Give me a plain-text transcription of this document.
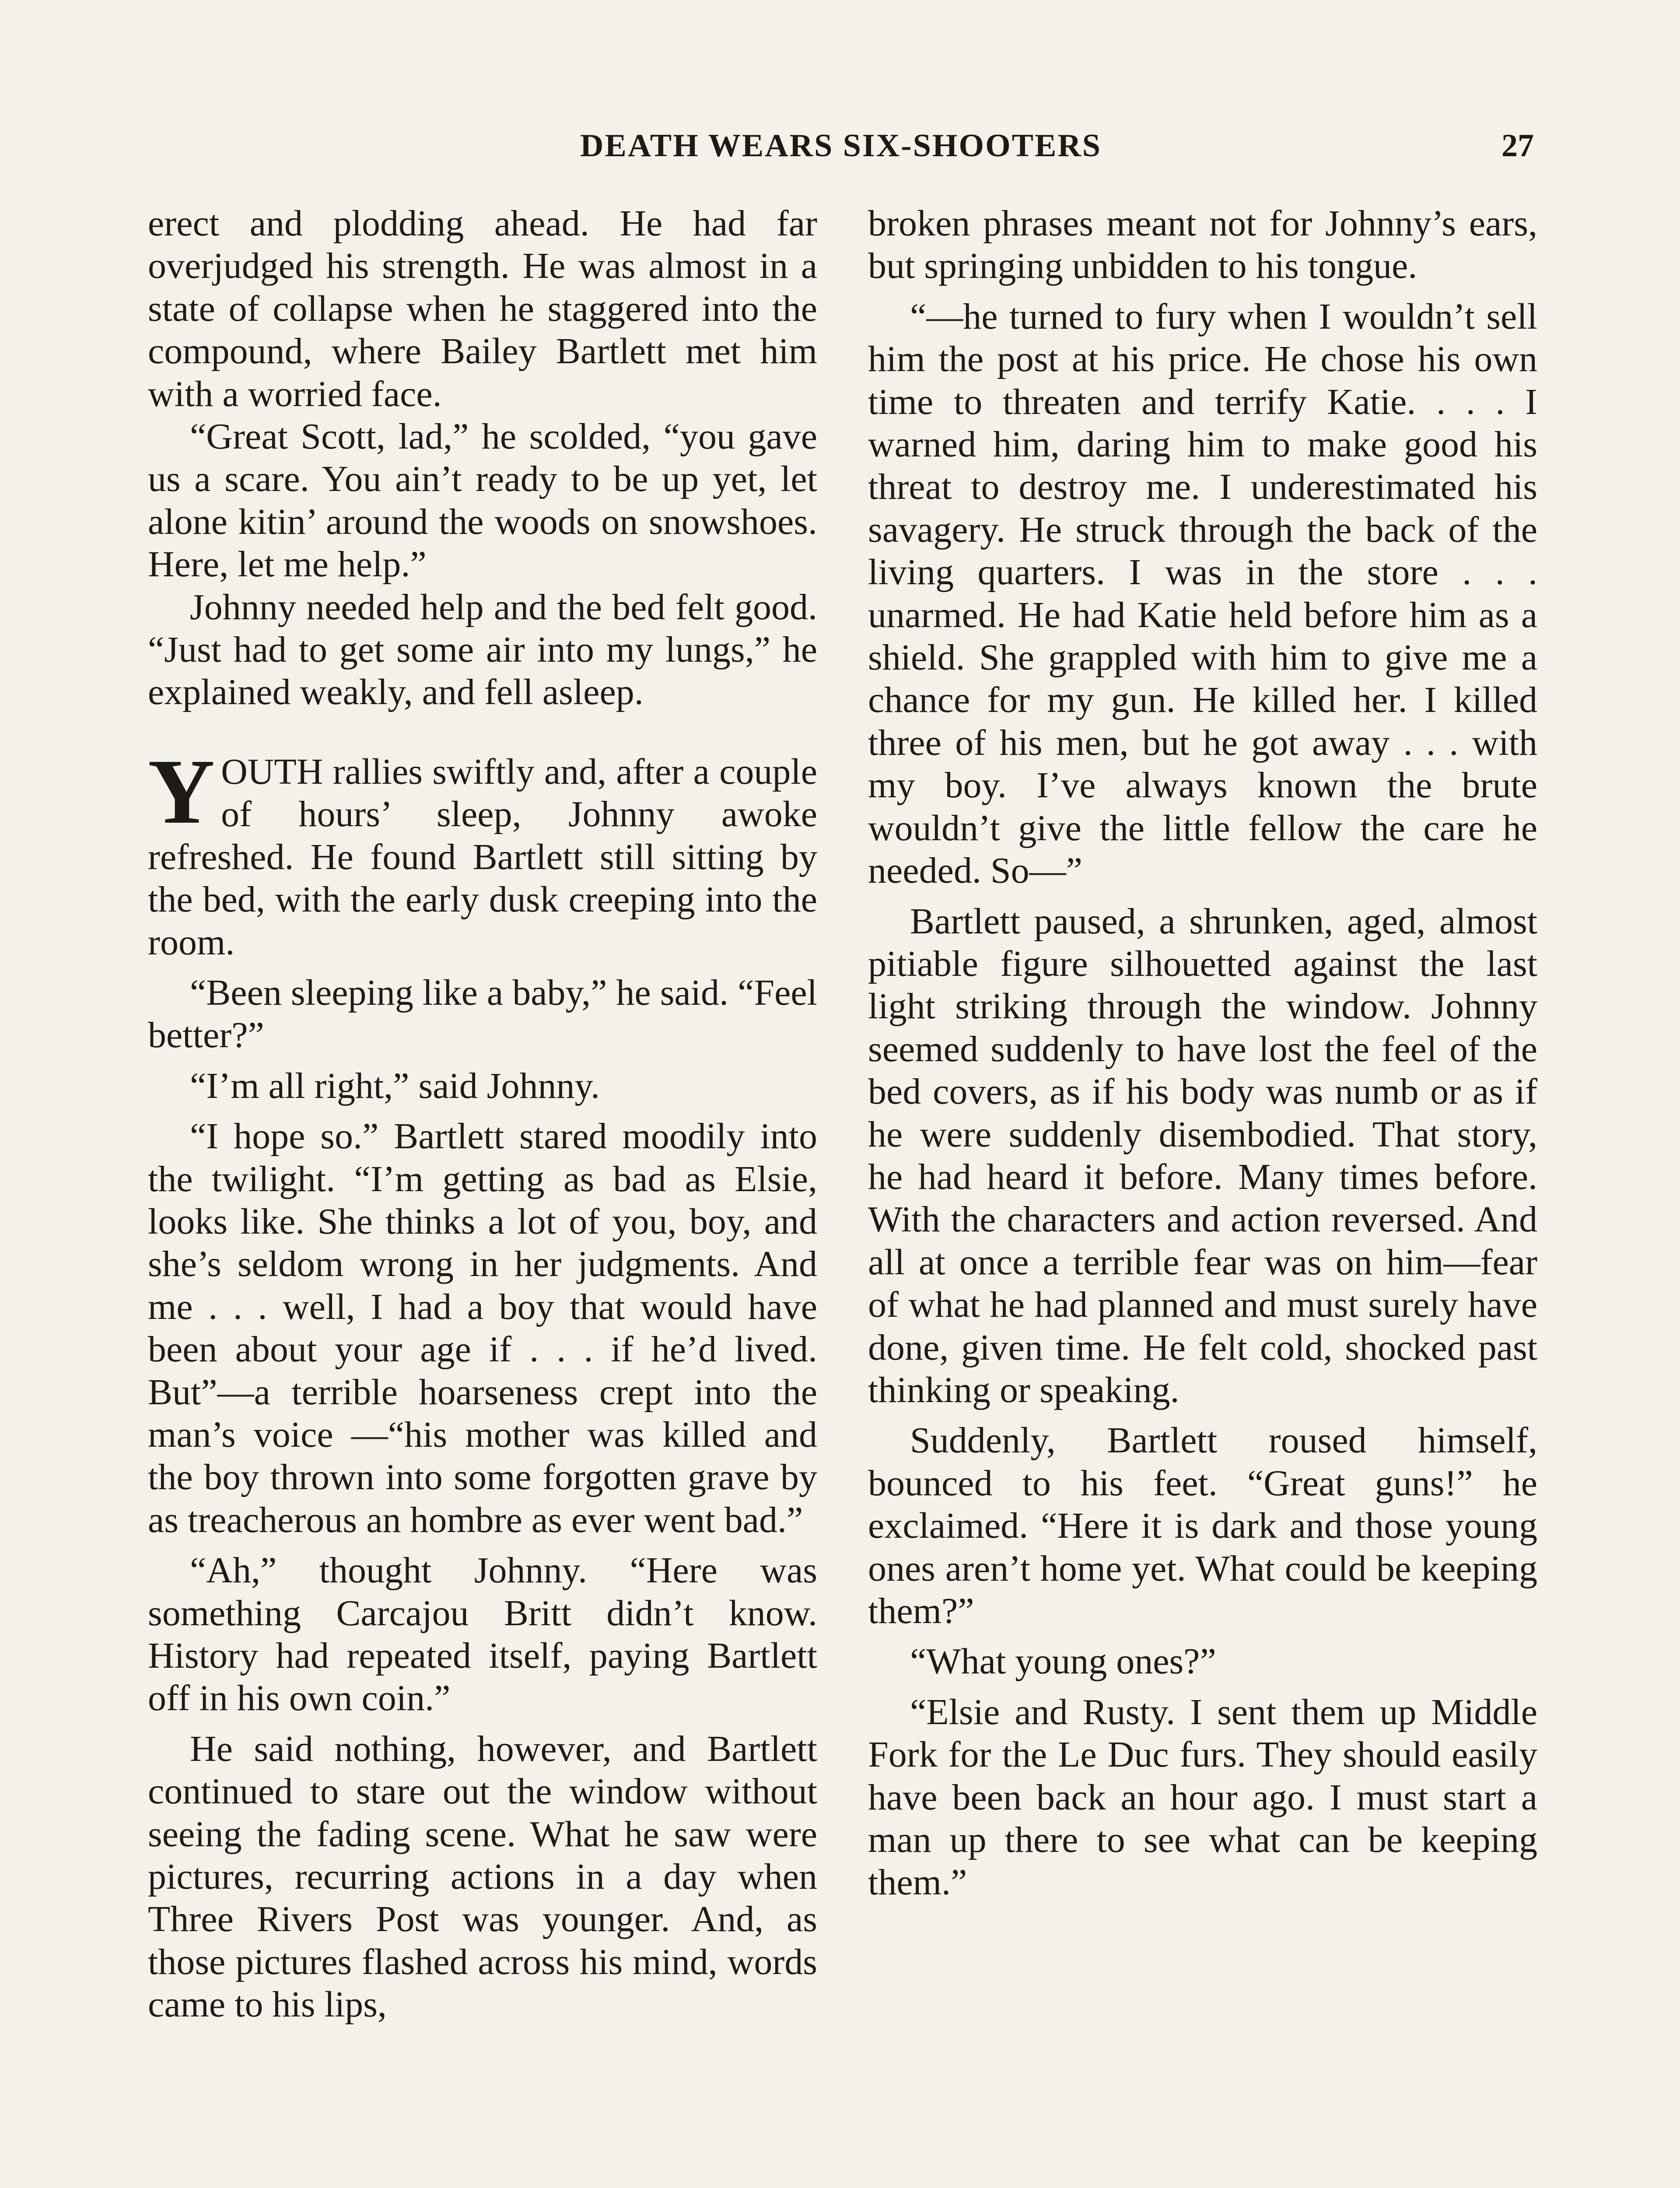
DEATH WEARS SIX-SHOOTERS	27

erect and plodding ahead. He had far overjudged his strength. He was almost in a state of collapse when he staggered into the compound, where Bailey Bartlett met him with a worried face.

“Great Scott, lad,” he scolded, “you gave us a scare. You ain’t ready to be up yet, let alone kitin’ around the woods on snowshoes. Here, let me help.”

Johnny needed help and the bed felt good. “Just had to get some air into my lungs,” he explained weakly, and fell asleep.

YOUTH rallies swiftly and, after a couple of hours’ sleep, Johnny awoke refreshed. He found Bartlett still sitting by the bed, with the early dusk creeping into the room.

“Been sleeping like a baby,” he said. “Feel better?”

“I’m all right,” said Johnny.

“I hope so.” Bartlett stared moodily into the twilight. “I’m getting as bad as Elsie, looks like. She thinks a lot of you, boy, and she’s seldom wrong in her judgments. And me . . . well, I had a boy that would have been about your age if . . . if he’d lived. But”—a terrible hoarseness crept into the man’s voice —“his mother was killed and the boy thrown into some forgotten grave by as treacherous an hombre as ever went bad.”

“Ah,” thought Johnny. “Here was something Carcajou Britt didn’t know. History had repeated itself, paying Bartlett off in his own coin.”

He said nothing, however, and Bartlett continued to stare out the window without seeing the fading scene. What he saw were pictures, recurring actions in a day when Three Rivers Post was younger. And, as those pictures flashed across his mind, words came to his lips,

broken phrases meant not for Johnny’s ears, but springing unbidden to his tongue.

“—he turned to fury when I wouldn’t sell him the post at his price. He chose his own time to threaten and terrify Katie. . . . I warned him, daring him to make good his threat to destroy me. I underestimated his savagery. He struck through the back of the living quarters. I was in the store . . . unarmed. He had Katie held before him as a shield. She grappled with him to give me a chance for my gun. He killed her. I killed three of his men, but he got away . . . with my boy. I’ve always known the brute wouldn’t give the little fellow the care he needed. So—”

Bartlett paused, a shrunken, aged, almost pitiable figure silhouetted against the last light striking through the window. Johnny seemed suddenly to have lost the feel of the bed covers, as if his body was numb or as if he were suddenly disembodied. That story, he had heard it before. Many times before. With the characters and action reversed. And all at once a terrible fear was on him—fear of what he had planned and must surely have done, given time. He felt cold, shocked past thinking or speaking.

Suddenly, Bartlett roused himself, bounced to his feet. “Great guns!” he exclaimed. “Here it is dark and those young ones aren’t home yet. What could be keeping them?”

“What young ones?”

“Elsie and Rusty. I sent them up Middle Fork for the Le Duc furs. They should easily have been back an hour ago. I must start a man up there to see what can be keeping them.”
